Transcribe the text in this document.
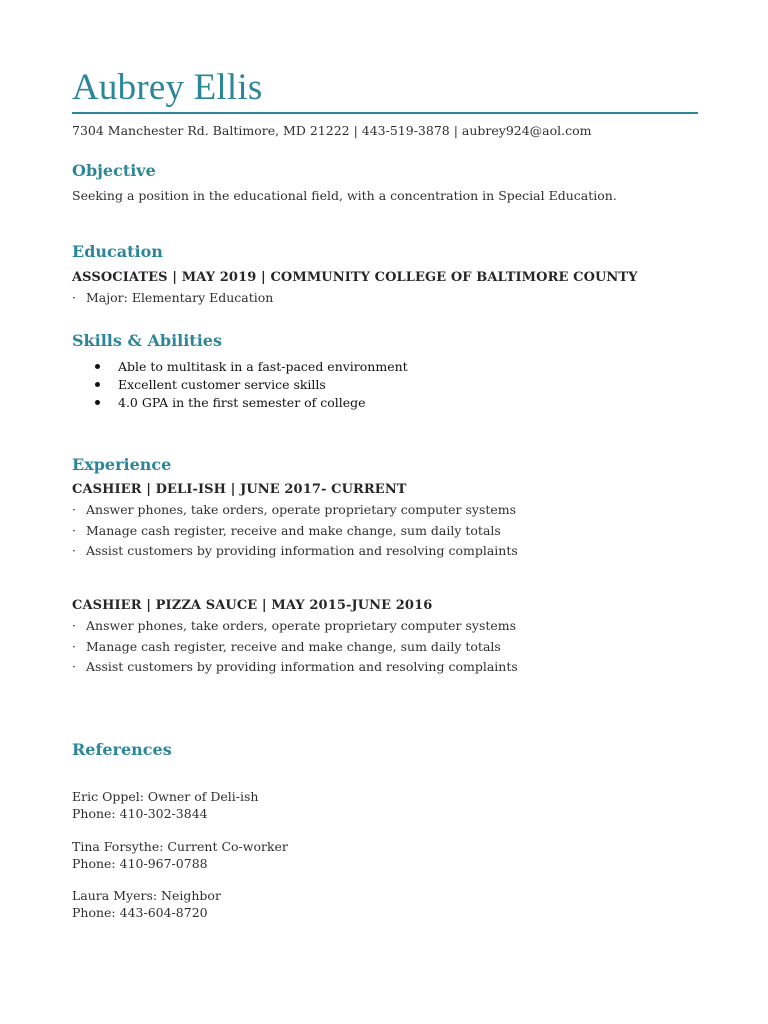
Aubrey Ellis
7304 Manchester Rd. Baltimore, MD 21222 | 443-519-3878 | aubrey924@aol.com
Objective
Seeking a position in the educational field, with a concentration in Special Education.
Education
ASSOCIATES | MAY 2019 | COMMUNITY COLLEGE OF BALTIMORE COUNTY
· Major: Elementary Education
Skills & Abilities
Able to multitask in a fast-paced environment
Excellent customer service skills
4.0 GPA in the first semester of college
Experience
CASHIER | DELI-ISH | JUNE 2017- CURRENT
· Answer phones, take orders, operate proprietary computer systems
· Manage cash register, receive and make change, sum daily totals
· Assist customers by providing information and resolving complaints
CASHIER | PIZZA SAUCE | MAY 2015-JUNE 2016
· Answer phones, take orders, operate proprietary computer systems
· Manage cash register, receive and make change, sum daily totals
· Assist customers by providing information and resolving complaints
References
Eric Oppel: Owner of Deli-ish
Phone: 410-302-3844
Tina Forsythe: Current Co-worker
Phone: 410-967-0788
Laura Myers: Neighbor
Phone: 443-604-8720
